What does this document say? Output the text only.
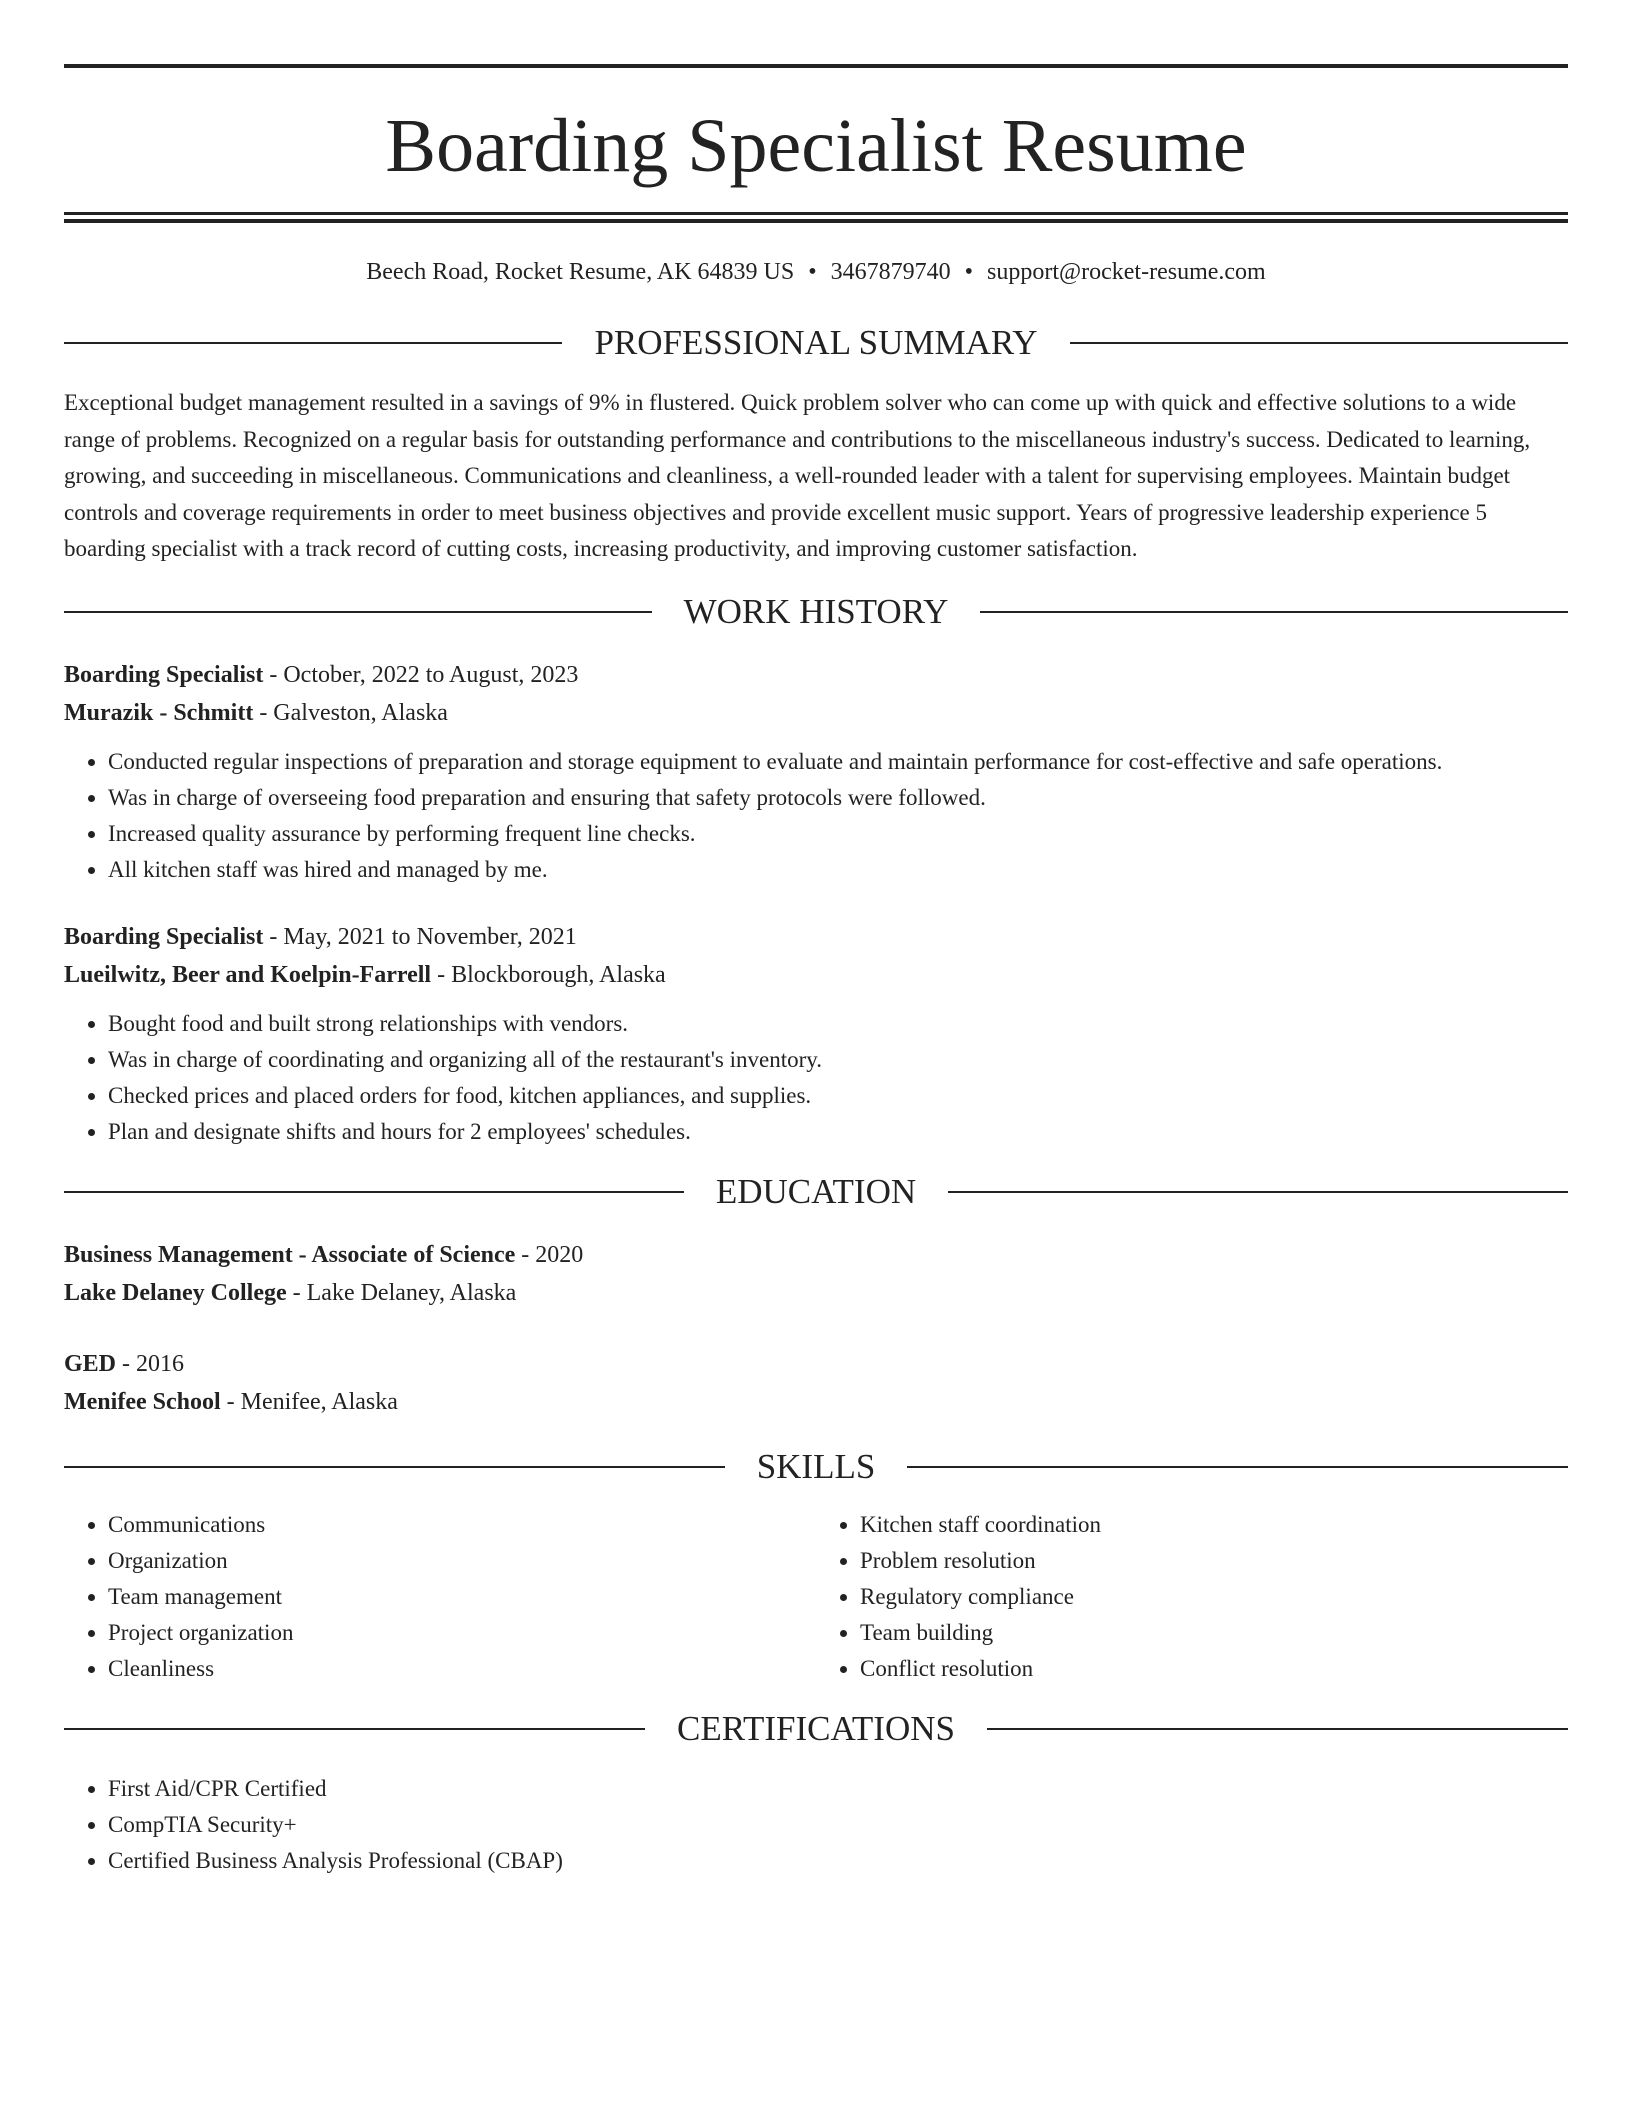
Boarding Specialist Resume
Beech Road, Rocket Resume, AK 64839 US • 3467879740 • support@rocket-resume.com
PROFESSIONAL SUMMARY
Exceptional budget management resulted in a savings of 9% in flustered. Quick problem solver who can come up with quick and effective solutions to a wide range of problems. Recognized on a regular basis for outstanding performance and contributions to the miscellaneous industry's success. Dedicated to learning, growing, and succeeding in miscellaneous. Communications and cleanliness, a well-rounded leader with a talent for supervising employees. Maintain budget controls and coverage requirements in order to meet business objectives and provide excellent music support. Years of progressive leadership experience 5 boarding specialist with a track record of cutting costs, increasing productivity, and improving customer satisfaction.
WORK HISTORY
Boarding Specialist - October, 2022 to August, 2023
Murazik - Schmitt - Galveston, Alaska
• Conducted regular inspections of preparation and storage equipment to evaluate and maintain performance for cost-effective and safe operations.
• Was in charge of overseeing food preparation and ensuring that safety protocols were followed.
• Increased quality assurance by performing frequent line checks.
• All kitchen staff was hired and managed by me.
Boarding Specialist - May, 2021 to November, 2021
Lueilwitz, Beer and Koelpin-Farrell - Blockborough, Alaska
• Bought food and built strong relationships with vendors.
• Was in charge of coordinating and organizing all of the restaurant's inventory.
• Checked prices and placed orders for food, kitchen appliances, and supplies.
• Plan and designate shifts and hours for 2 employees' schedules.
EDUCATION
Business Management - Associate of Science - 2020
Lake Delaney College - Lake Delaney, Alaska
GED - 2016
Menifee School - Menifee, Alaska
SKILLS
• Communications
• Organization
• Team management
• Project organization
• Cleanliness
• Kitchen staff coordination
• Problem resolution
• Regulatory compliance
• Team building
• Conflict resolution
CERTIFICATIONS
• First Aid/CPR Certified
• CompTIA Security+
• Certified Business Analysis Professional (CBAP)
